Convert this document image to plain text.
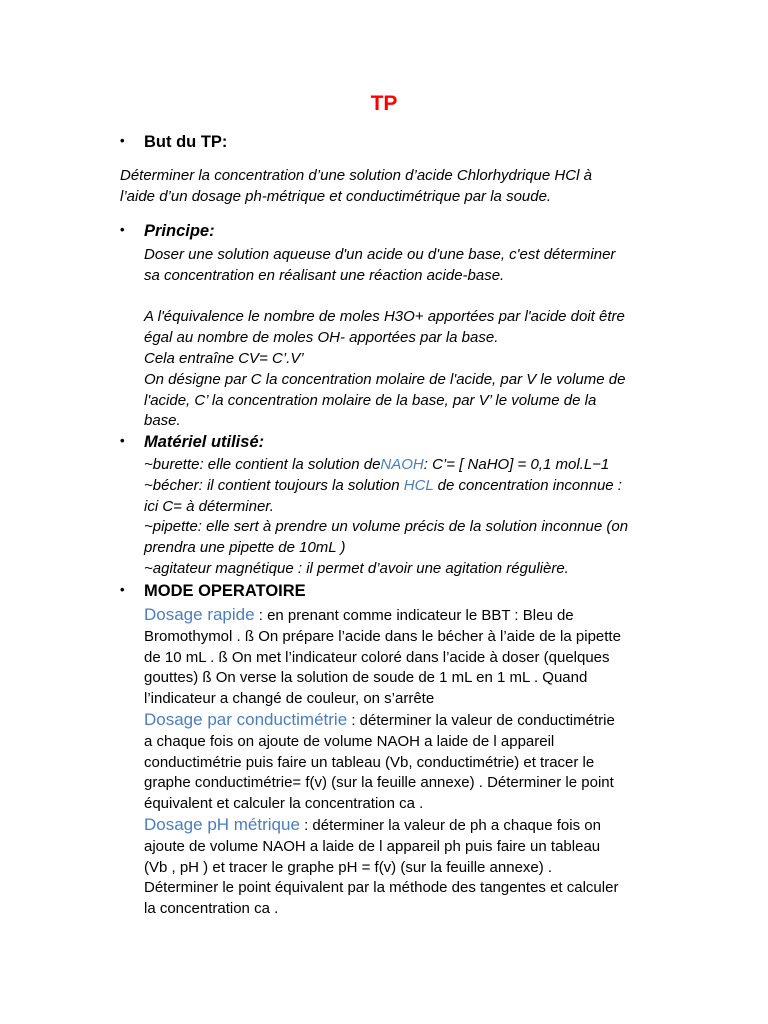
TP
• But du TP:

Déterminer la concentration d’une solution d’acide Chlorhydrique HCl à

l’aide d’un dosage ph-métrique et conductimétrique par la soude.

• Principe:

Doser une solution aqueuse d'un acide ou d'une base, c'est déterminer

sa concentration en réalisant une réaction acide-base.

A l'équivalence le nombre de moles H3O+ apportées par l'acide doit être

égal au nombre de moles OH- apportées par la base.

Cela entraîne CV= C’.V’

On désigne par C la concentration molaire de l'acide, par V le volume de

l'acide, C’ la concentration molaire de la base, par V’ le volume de la

base.

• Matériel utilisé:

~burette: elle contient la solution deNAOH: C’= [ NaHO] = 0,1 mol.L−1

~bécher: il contient toujours la solution HCL de concentration inconnue :

ici C= à déterminer.

~pipette: elle sert à prendre un volume précis de la solution inconnue (on

prendra une pipette de 10mL )

~agitateur magnétique : il permet d’avoir une agitation régulière.

• MODE OPERATOIRE

Dosage rapide : en prenant comme indicateur le BBT : Bleu de

Bromothymol . ß On prépare l’acide dans le bécher à l’aide de la pipette

de 10 mL . ß On met l’indicateur coloré dans l’acide à doser (quelques

gouttes) ß On verse la solution de soude de 1 mL en 1 mL . Quand

l’indicateur a changé de couleur, on s’arrête

Dosage par conductimétrie : déterminer la valeur de conductimétrie

a chaque fois on ajoute de volume NAOH a laide de l appareil

conductimétrie puis faire un tableau (Vb, conductimétrie) et tracer le

graphe conductimétrie= f(v) (sur la feuille annexe) . Déterminer le point

équivalent et calculer la concentration ca .

Dosage pH métrique : déterminer la valeur de ph a chaque fois on

ajoute de volume NAOH a laide de l appareil ph puis faire un tableau

(Vb , pH ) et tracer le graphe pH = f(v) (sur la feuille annexe) .

Déterminer le point équivalent par la méthode des tangentes et calculer

la concentration ca .
